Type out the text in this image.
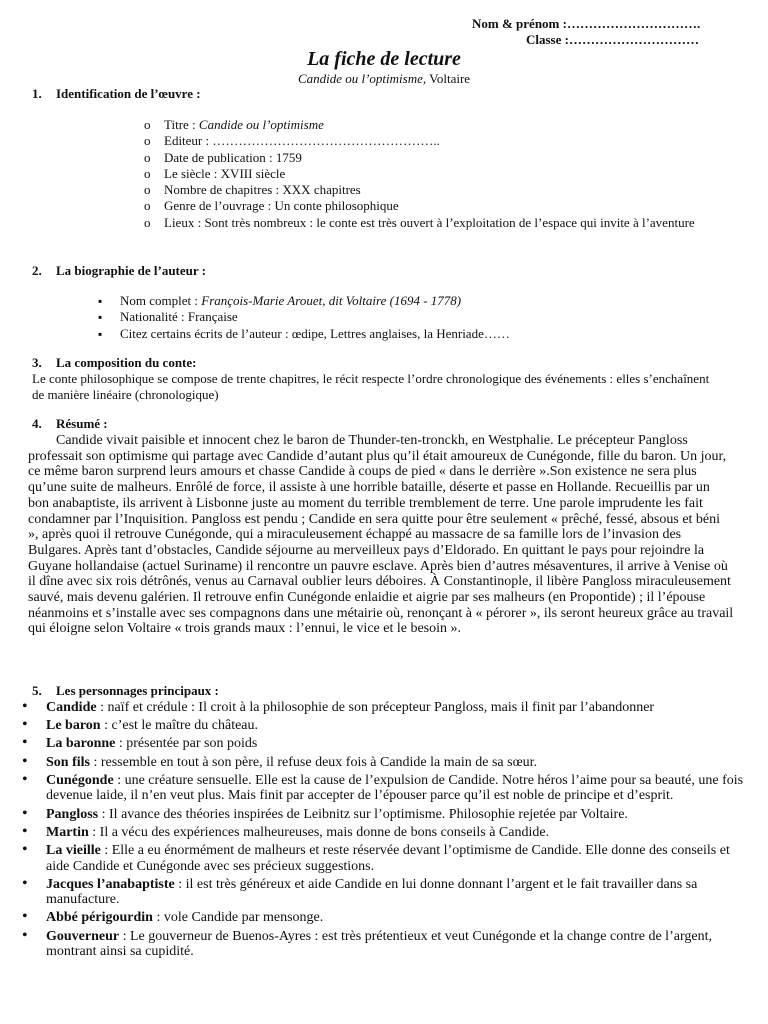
Nom & prénom :………………………….
Classe :…………………………
La fiche de lecture
Candide ou l’optimisme, Voltaire
1. Identification de l’œuvre :
o Titre : Candide ou l’optimisme
o Editeur : ……………………………………………..
o Date de publication : 1759
o Le siècle : XVIII siècle
o Nombre de chapitres : XXX chapitres
o Genre de l’ouvrage : Un conte philosophique
o Lieux : Sont très nombreux : le conte est très ouvert à l’exploitation de l’espace qui invite à l’aventure
2. La biographie de l’auteur :
▪ Nom complet : François-Marie Arouet, dit Voltaire (1694 - 1778)
▪ Nationalité : Française
▪ Citez certains écrits de l’auteur : œdipe, Lettres anglaises, la Henriade……
3. La composition du conte:
Le conte philosophique se compose de trente chapitres, le récit respecte l’ordre chronologique des événements : elles s’enchaînent de manière linéaire (chronologique)
4. Résumé :
Candide vivait paisible et innocent chez le baron de Thunder-ten-tronckh, en Westphalie. Le précepteur Pangloss professait son optimisme qui partage avec Candide d’autant plus qu’il était amoureux de Cunégonde, fille du baron. Un jour, ce même baron surprend leurs amours et chasse Candide à coups de pied « dans le derrière ».Son existence ne sera plus qu’une suite de malheurs. Enrôlé de force, il assiste à une horrible bataille, déserte et passe en Hollande. Recueillis par un bon anabaptiste, ils arrivent à Lisbonne juste au moment du terrible tremblement de terre. Une parole imprudente les fait condamner par l’Inquisition. Pangloss est pendu ; Candide en sera quitte pour être seulement « prêché, fessé, absous et béni », après quoi il retrouve Cunégonde, qui a miraculeusement échappé au massacre de sa famille lors de l’invasion des Bulgares. Après tant d’obstacles, Candide séjourne au merveilleux pays d’Eldorado. En quittant le pays pour rejoindre la Guyane hollandaise (actuel Suriname) il rencontre un pauvre esclave. Après bien d’autres mésaventures, il arrive à Venise où il dîne avec six rois détrônés, venus au Carnaval oublier leurs déboires. À Constantinople, il libère Pangloss miraculeusement sauvé, mais devenu galérien. Il retrouve enfin Cunégonde enlaidie et aigrie par ses malheurs (en Propontide) ; il l’épouse néanmoins et s’installe avec ses compagnons dans une métairie où, renonçant à « pérorer », ils seront heureux grâce au travail qui éloigne selon Voltaire « trois grands maux : l’ennui, le vice et le besoin ».
5. Les personnages principaux :
• Candide : naïf et crédule : Il croit à la philosophie de son précepteur Pangloss, mais il finit par l’abandonner
• Le baron : c’est le maître du château.
• La baronne : présentée par son poids
• Son fils : ressemble en tout à son père, il refuse deux fois à Candide la main de sa sœur.
• Cunégonde : une créature sensuelle. Elle est la cause de l’expulsion de Candide. Notre héros l’aime pour sa beauté, une fois devenue laide, il n’en veut plus. Mais finit par accepter de l’épouser parce qu’il est noble de principe et d’esprit.
• Pangloss : Il avance des théories inspirées de Leibnitz sur l’optimisme. Philosophie rejetée par Voltaire.
• Martin : Il a vécu des expériences malheureuses, mais donne de bons conseils à Candide.
• La vieille : Elle a eu énormément de malheurs et reste réservée devant l’optimisme de Candide. Elle donne des conseils et aide Candide et Cunégonde avec ses précieux suggestions.
• Jacques l’anabaptiste : il est très généreux et aide Candide en lui donne donnant l’argent et le fait travailler dans sa manufacture.
• Abbé périgourdin : vole Candide par mensonge.
• Gouverneur : Le gouverneur de Buenos-Ayres : est très prétentieux et veut Cunégonde et la change contre de l’argent, montrant ainsi sa cupidité.
